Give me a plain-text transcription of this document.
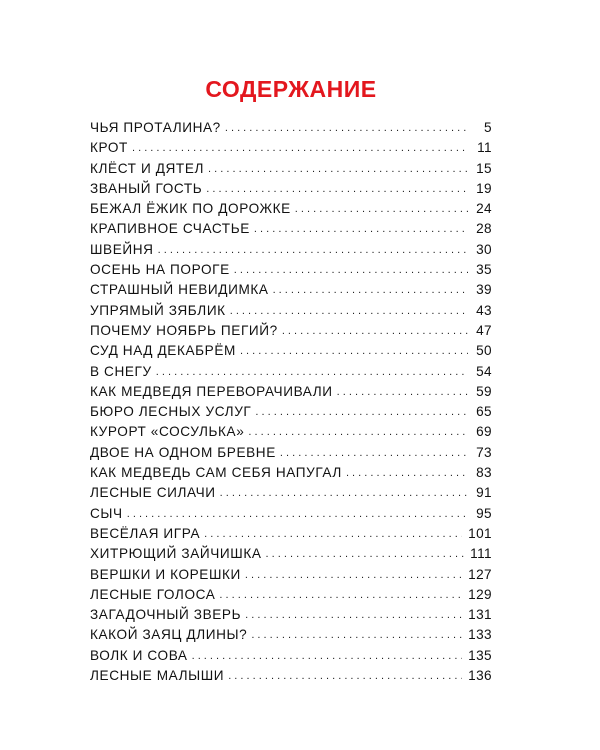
СОДЕРЖАНИЕ
ЧЬЯ ПРОТАЛИНА? . . .	5
КРОТ . . .	11
КЛЁСТ И ДЯТЕЛ . . .	15
ЗВАНЫЙ ГОСТЬ . . .	19
БЕЖАЛ ЁЖИК ПО ДОРОЖКЕ . . .	24
КРАПИВНОЕ СЧАСТЬЕ . . .	28
ШВЕЙНЯ . . .	30
ОСЕНЬ НА ПОРОГЕ . . .	35
СТРАШНЫЙ НЕВИДИМКА . . .	39
УПРЯМЫЙ ЗЯБЛИК . . .	43
ПОЧЕМУ НОЯБРЬ ПЕГИЙ? . . .	47
СУД НАД ДЕКАБРЁМ . . .	50
В СНЕГУ . . .	54
КАК МЕДВЕДЯ ПЕРЕВОРАЧИВАЛИ . . .	59
БЮРО ЛЕСНЫХ УСЛУГ . . .	65
КУРОРТ «СОСУЛЬКА» . . .	69
ДВОЕ НА ОДНОМ БРЕВНЕ . . .	73
КАК МЕДВЕДЬ САМ СЕБЯ НАПУГАЛ . . .	83
ЛЕСНЫЕ СИЛАЧИ . . .	91
СЫЧ . . .	95
ВЕСЁЛАЯ ИГРА . . .	101
ХИТРЮЩИЙ ЗАЙЧИШКА . . .	111
ВЕРШКИ И КОРЕШКИ . . .	127
ЛЕСНЫЕ ГОЛОСА . . .	129
ЗАГАДОЧНЫЙ ЗВЕРЬ . . .	131
КАКОЙ ЗАЯЦ ДЛИНЫ? . . .	133
ВОЛК И СОВА . . .	135
ЛЕСНЫЕ МАЛЫШИ . . .	136
